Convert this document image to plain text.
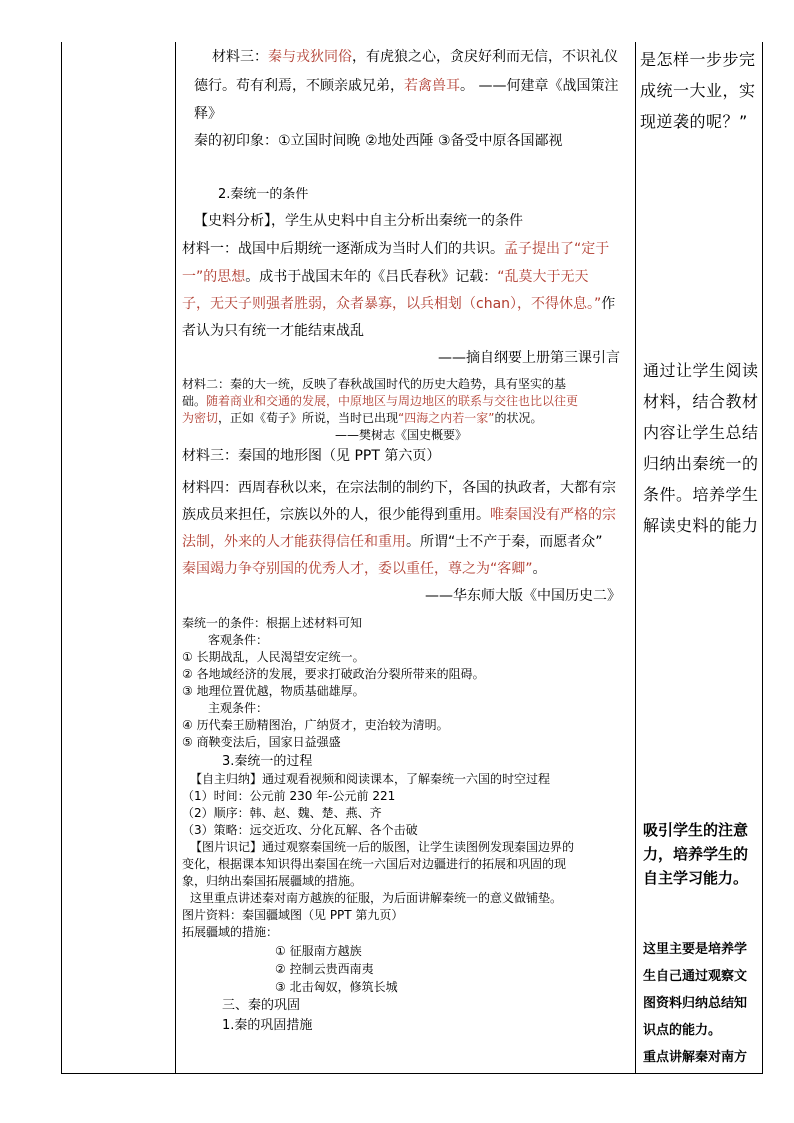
材料三：秦与戎狄同俗，有虎狼之心，贪戾好利而无信，不识礼仪
德行。苟有利焉，不顾亲戚兄弟，若禽兽耳。 ——何建章《战国策注
释》
秦的初印象：①立国时间晚 ②地处西陲 ③备受中原各国鄙视
2.秦统一的条件
【史料分析】，学生从史料中自主分析出秦统一的条件
材料一：战国中后期统一逐渐成为当时人们的共识。孟子提出了“定于
一”的思想。成书于战国末年的《吕氏春秋》记载：“乱莫大于无天
子，无天子则强者胜弱，众者暴寡，以兵相刬（chan），不得休息。”作
者认为只有统一才能结束战乱
——摘自纲要上册第三课引言
材料二：秦的大一统，反映了春秋战国时代的历史大趋势，具有坚实的基
础。随着商业和交通的发展，中原地区与周边地区的联系与交往也比以往更
为密切，正如《荀子》所说，当时已出现“四海之内若一家”的状况。
——樊树志《国史概要》
材料三：秦国的地形图（见 PPT 第六页）
材料四：西周春秋以来，在宗法制的制约下，各国的执政者，大都有宗
族成员来担任，宗族以外的人，很少能得到重用。唯秦国没有严格的宗
法制，外来的人才能获得信任和重用。所谓“士不产于秦，而愿者众”
秦国竭力争夺别国的优秀人才，委以重任，尊之为“客卿”。
——华东师大版《中国历史二》
秦统一的条件：根据上述材料可知
客观条件：
① 长期战乱，人民渴望安定统一。
② 各地域经济的发展，要求打破政治分裂所带来的阻碍。
③ 地理位置优越，物质基础雄厚。
主观条件：
④ 历代秦王励精图治，广纳贤才，吏治较为清明。
⑤ 商鞅变法后，国家日益强盛
3.秦统一的过程
【自主归纳】通过观看视频和阅读课本，了解秦统一六国的时空过程
（1）时间：公元前 230 年-公元前 221
（2）顺序：韩、赵、魏、楚、燕、齐
（3）策略：远交近攻、分化瓦解、各个击破
【图片识记】通过观察秦国统一后的版图，让学生读图例发现秦国边界的
变化，根据课本知识得出秦国在统一六国后对边疆进行的拓展和巩固的现
象，归纳出秦国拓展疆域的措施。
这里重点讲述秦对南方越族的征服，为后面讲解秦统一的意义做铺垫。
图片资料：秦国疆域图（见 PPT 第九页）
拓展疆域的措施：
① 征服南方越族
② 控制云贵西南夷
③ 北击匈奴，修筑长城
三、秦的巩固
1.秦的巩固措施
是怎样一步步完
成统一大业，实
现逆袭的呢？”
通过让学生阅读
材料，结合教材
内容让学生总结
归纳出秦统一的
条件。培养学生
解读史料的能力
吸引学生的注意
力，培养学生的
自主学习能力。
这里主要是培养学
生自己通过观察文
图资料归纳总结知
识点的能力。
重点讲解秦对南方
